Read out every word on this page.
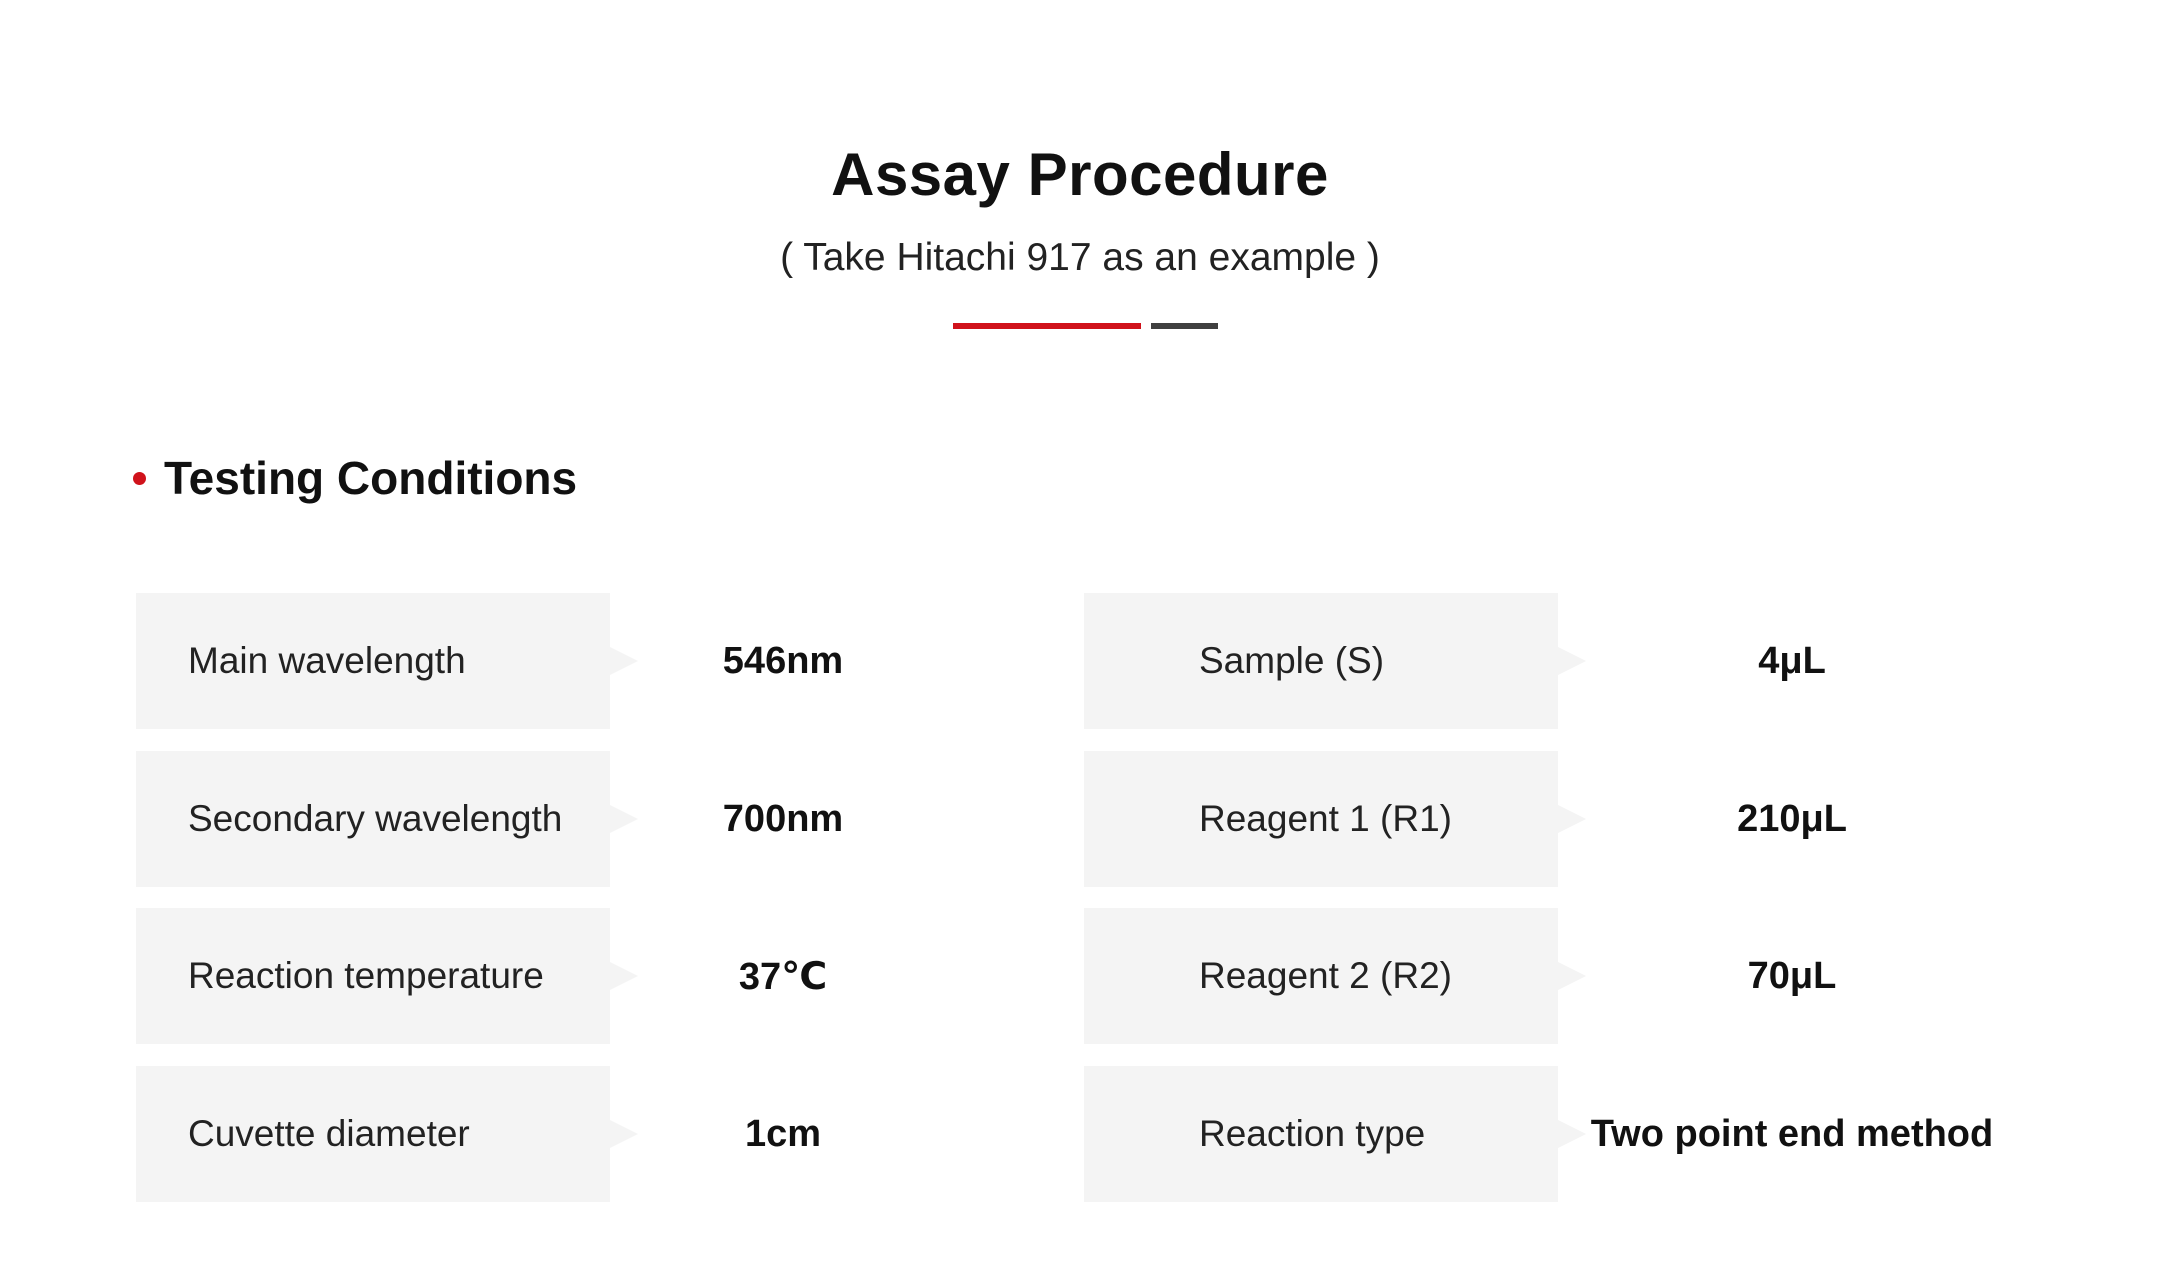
Assay Procedure
( Take Hitachi 917 as an example )
Testing Conditions
Main wavelength	546nm
Secondary wavelength	700nm
Reaction temperature	37℃
Cuvette diameter	1cm
Sample (S)	4μL
Reagent 1 (R1)	210μL
Reagent 2 (R2)	70μL
Reaction type	Two point end method
